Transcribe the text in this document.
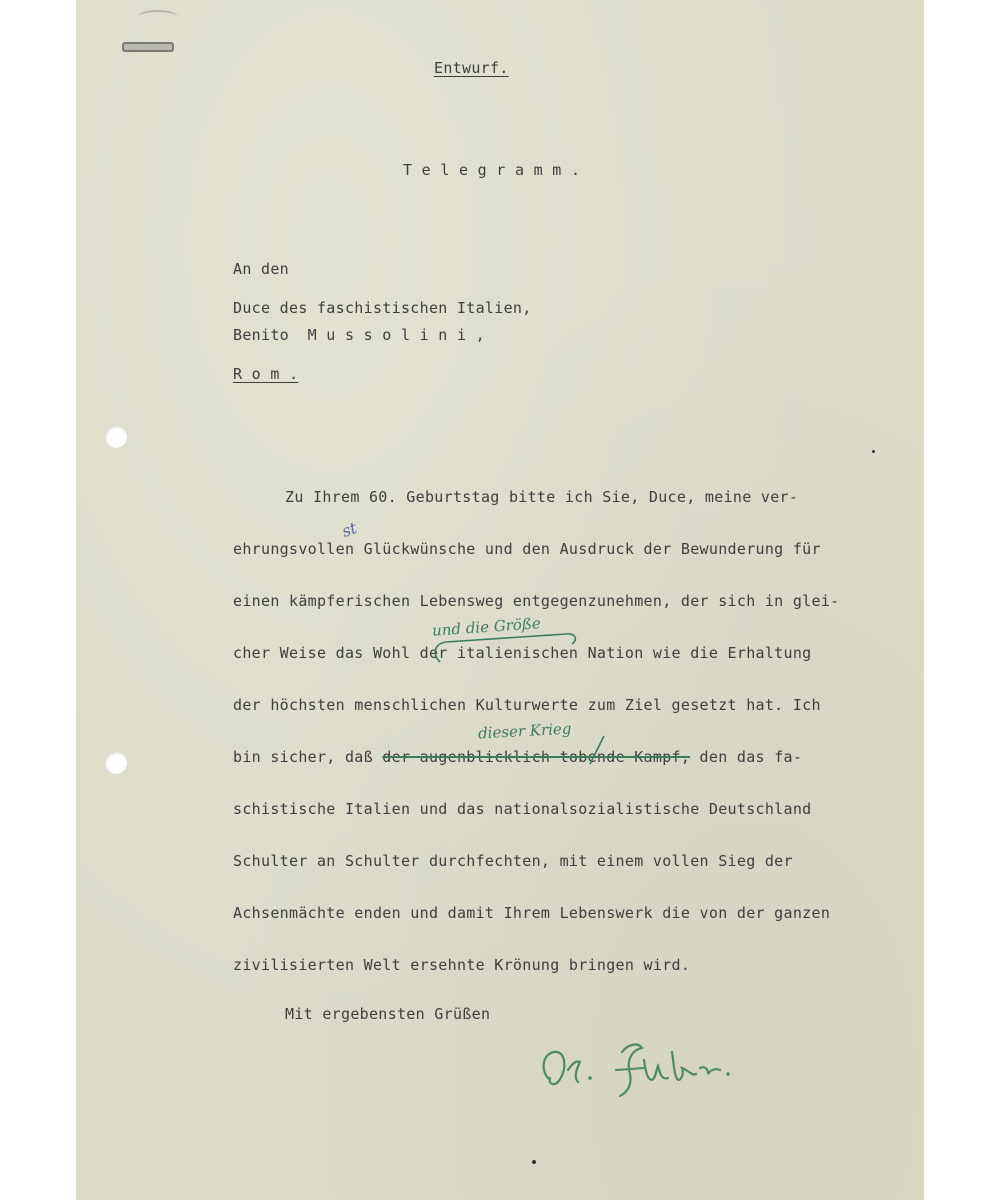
Entwurf.
T e l e g r a m m .
An den
Duce des faschistischen Italien,
Benito  M u s s o l i n i ,
R o m .
Zu Ihrem 60. Geburtstag bitte ich Sie, Duce, meine ver-
ehrungsvollen Glückwünsche und den Ausdruck der Bewunderung für
einen kämpferischen Lebensweg entgegenzunehmen, der sich in glei-
cher Weise das Wohl der italienischen Nation wie die Erhaltung
der höchsten menschlichen Kulturwerte zum Ziel gesetzt hat. Ich
bin sicher, daß der augenblicklich tobende Kampf, den das fa-
schistische Italien und das nationalsozialistische Deutschland
Schulter an Schulter durchfechten, mit einem vollen Sieg der
Achsenmächte enden und damit Ihrem Lebenswerk die von der ganzen
zivilisierten Welt ersehnte Krönung bringen wird.
Mit ergebensten Grüßen
und die Größe
dieser Krieg
st
